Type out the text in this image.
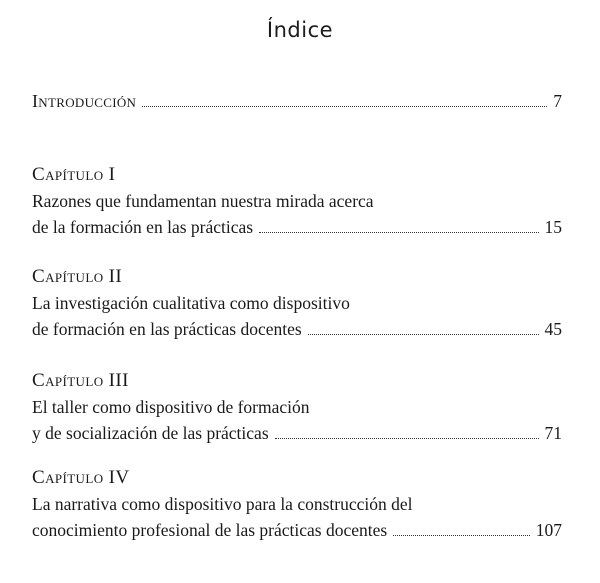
Índice
Introducción	7
Capítulo I
Razones que fundamentan nuestra mirada acerca
de la formación en las prácticas	15
Capítulo II
La investigación cualitativa como dispositivo
de formación en las prácticas docentes	45
Capítulo III
El taller como dispositivo de formación
y de socialización de las prácticas	71
Capítulo IV
La narrativa como dispositivo para la construcción del
conocimiento profesional de las prácticas docentes	107
